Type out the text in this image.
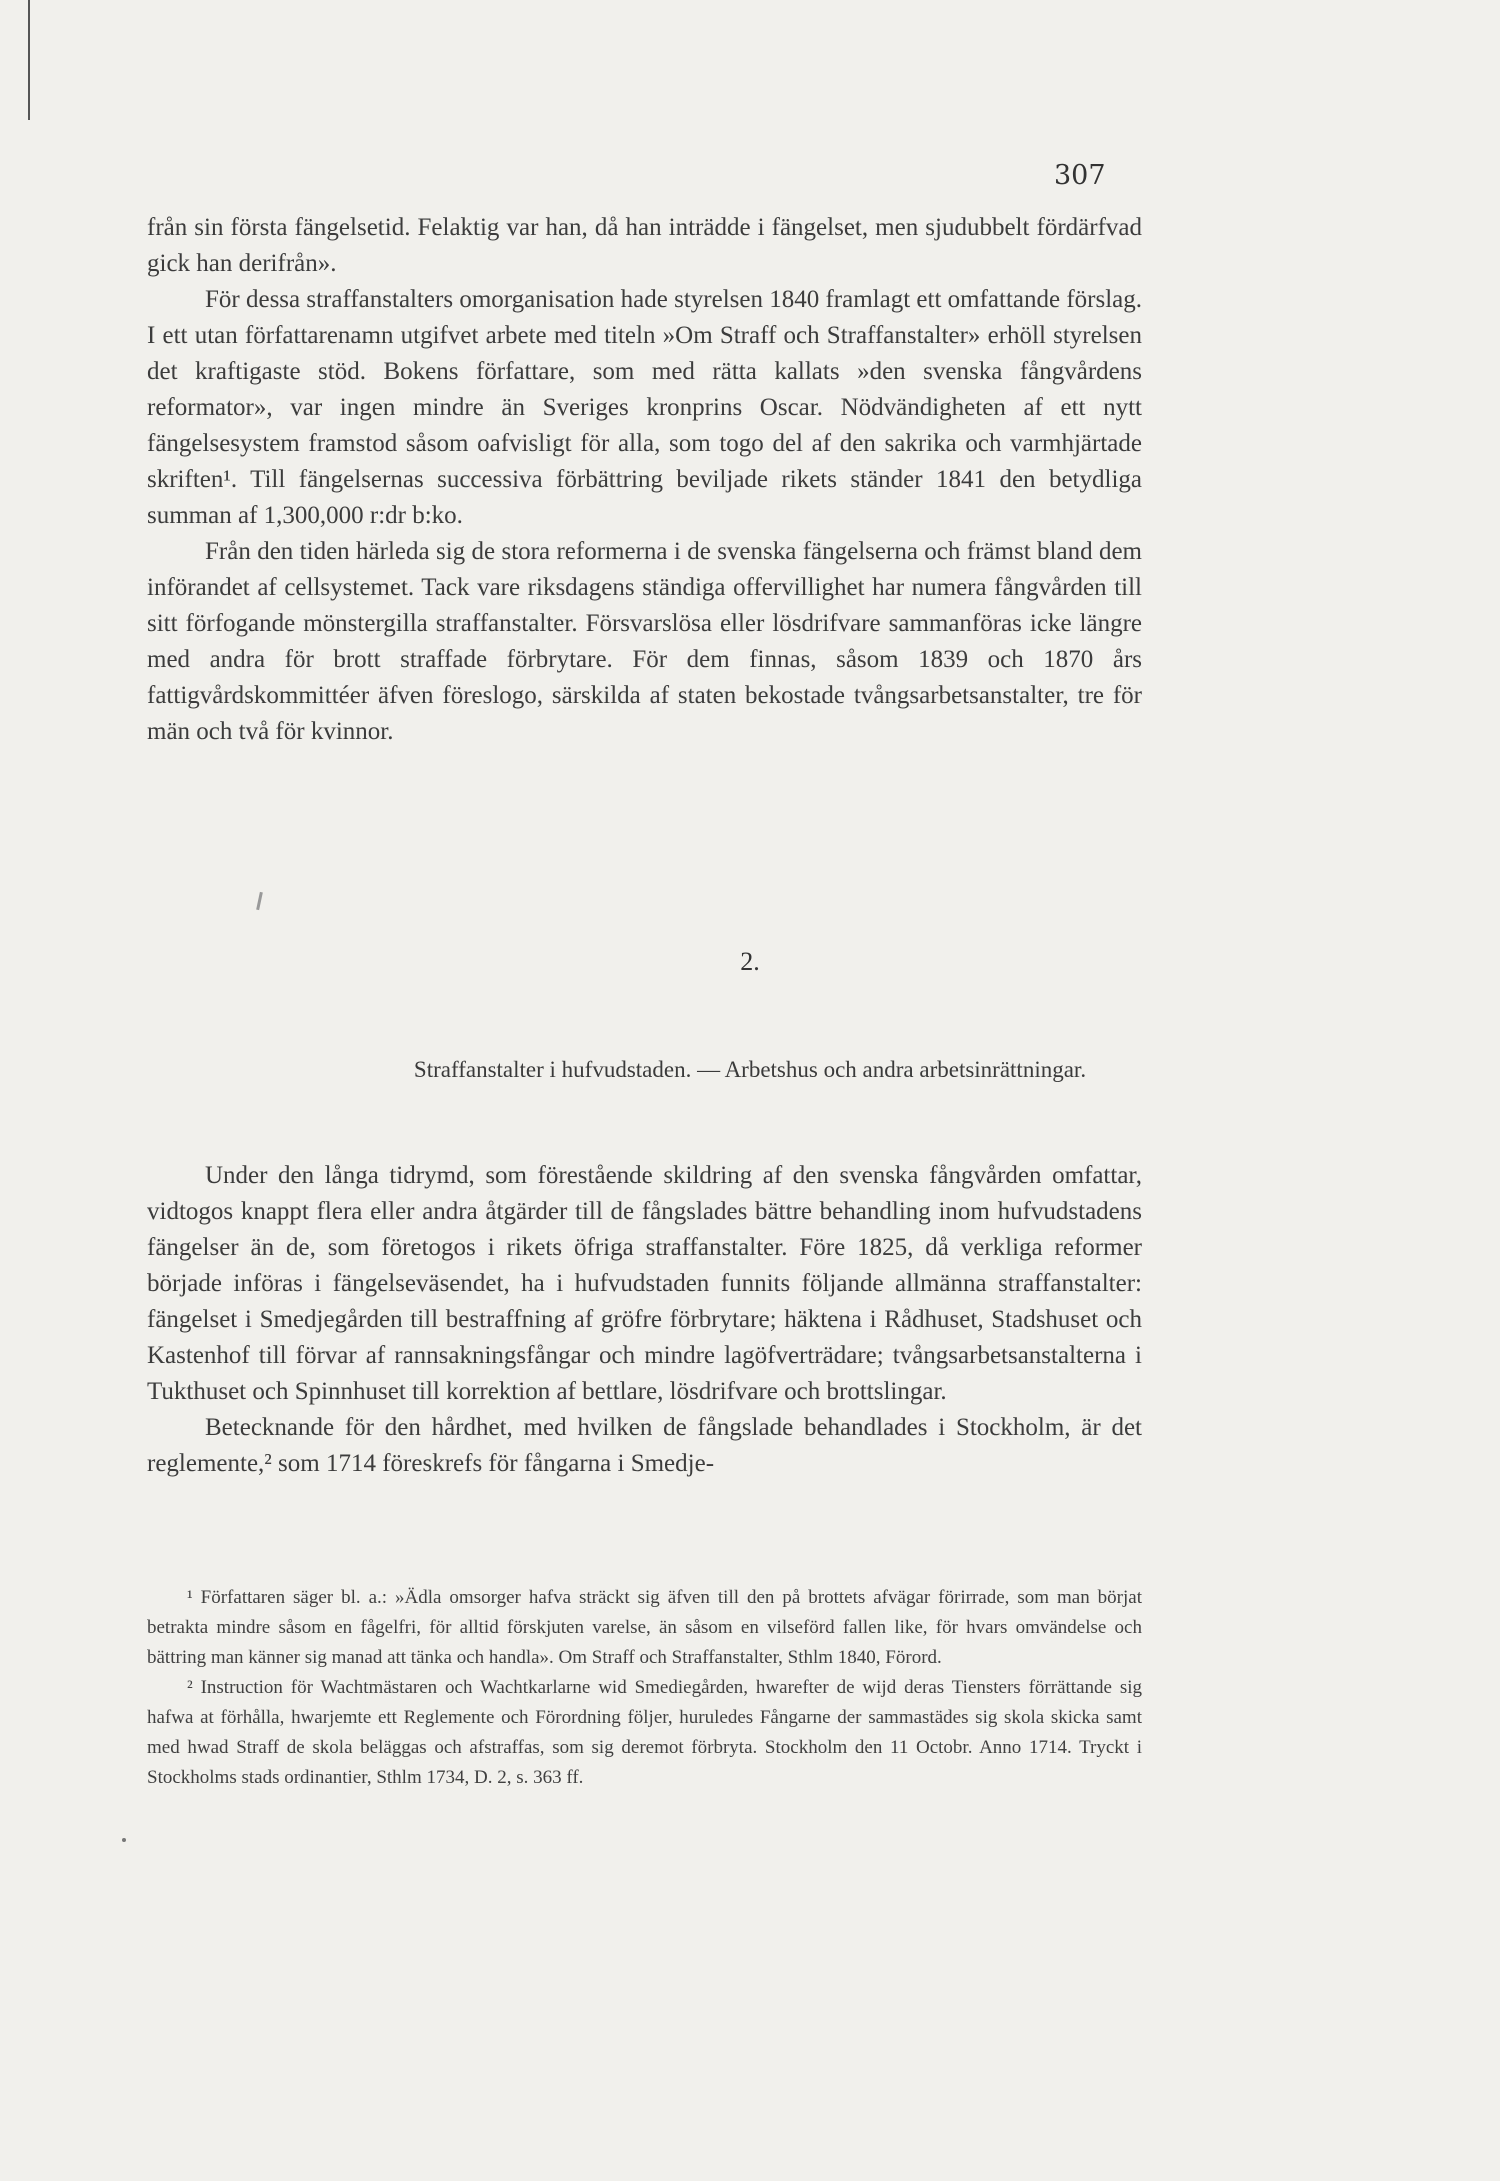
307

från sin första fängelsetid. Felaktig var han, då han inträdde i fängelset, men sjudubbelt fördärfvad gick han derifrån».

För dessa straffanstalters omorganisation hade styrelsen 1840 framlagt ett omfattande förslag. I ett utan författarenamn utgifvet arbete med titeln »Om Straff och Straffanstalter» erhöll styrelsen det kraftigaste stöd. Bokens författare, som med rätta kallats »den svenska fångvårdens reformator», var ingen mindre än Sveriges kronprins Oscar. Nödvändigheten af ett nytt fängelsesystem framstod såsom oafvisligt för alla, som togo del af den sakrika och varmhjärtade skriften¹. Till fängelsernas successiva förbättring beviljade rikets ständer 1841 den betydliga summan af 1,300,000 r:dr b:ko.

Från den tiden härleda sig de stora reformerna i de svenska fängelserna och främst bland dem införandet af cellsystemet. Tack vare riksdagens ständiga offervillighet har numera fångvården till sitt förfogande mönstergilla straffanstalter. Försvarslösa eller lösdrifvare sammanföras icke längre med andra för brott straffade förbrytare. För dem finnas, såsom 1839 och 1870 års fattigvårdskommittéer äfven föreslogo, särskilda af staten bekostade tvångsarbetsanstalter, tre för män och två för kvinnor.

2.
Straffanstalter i hufvudstaden. — Arbetshus och andra arbetsinrättningar.

Under den långa tidrymd, som förestående skildring af den svenska fångvården omfattar, vidtogos knappt flera eller andra åtgärder till de fångslades bättre behandling inom hufvudstadens fängelser än de, som företogos i rikets öfriga straffanstalter. Före 1825, då verkliga reformer började införas i fängelseväsendet, ha i hufvudstaden funnits följande allmänna straffanstalter: fängelset i Smedjegården till bestraffning af gröfre förbrytare; häktena i Rådhuset, Stadshuset och Kastenhof till förvar af rannsakningsfångar och mindre lagöfverträdare; tvångsarbetsanstalterna i Tukthuset och Spinnhuset till korrektion af bettlare, lösdrifvare och brottslingar.

Betecknande för den hårdhet, med hvilken de fångslade behandlades i Stockholm, är det reglemente,² som 1714 föreskrefs för fångarna i Smedje-

¹ Författaren säger bl. a.: »Ädla omsorger hafva sträckt sig äfven till den på brottets afvägar förirrade, som man börjat betrakta mindre såsom en fågelfri, för alltid förskjuten varelse, än såsom en vilseförd fallen like, för hvars omvändelse och bättring man känner sig manad att tänka och handla». Om Straff och Straffanstalter, Sthlm 1840, Förord.

² Instruction för Wachtmästaren och Wachtkarlarne wid Smediegården, hwarefter de wijd deras Tiensters förrättande sig hafwa at förhålla, hwarjemte ett Reglemente och Förordning följer, huruledes Fångarne der sammastädes sig skola skicka samt med hwad Straff de skola beläggas och afstraffas, som sig deremot förbryta. Stockholm den 11 Octobr. Anno 1714. Tryckt i Stockholms stads ordinantier, Sthlm 1734, D. 2, s. 363 ff.
